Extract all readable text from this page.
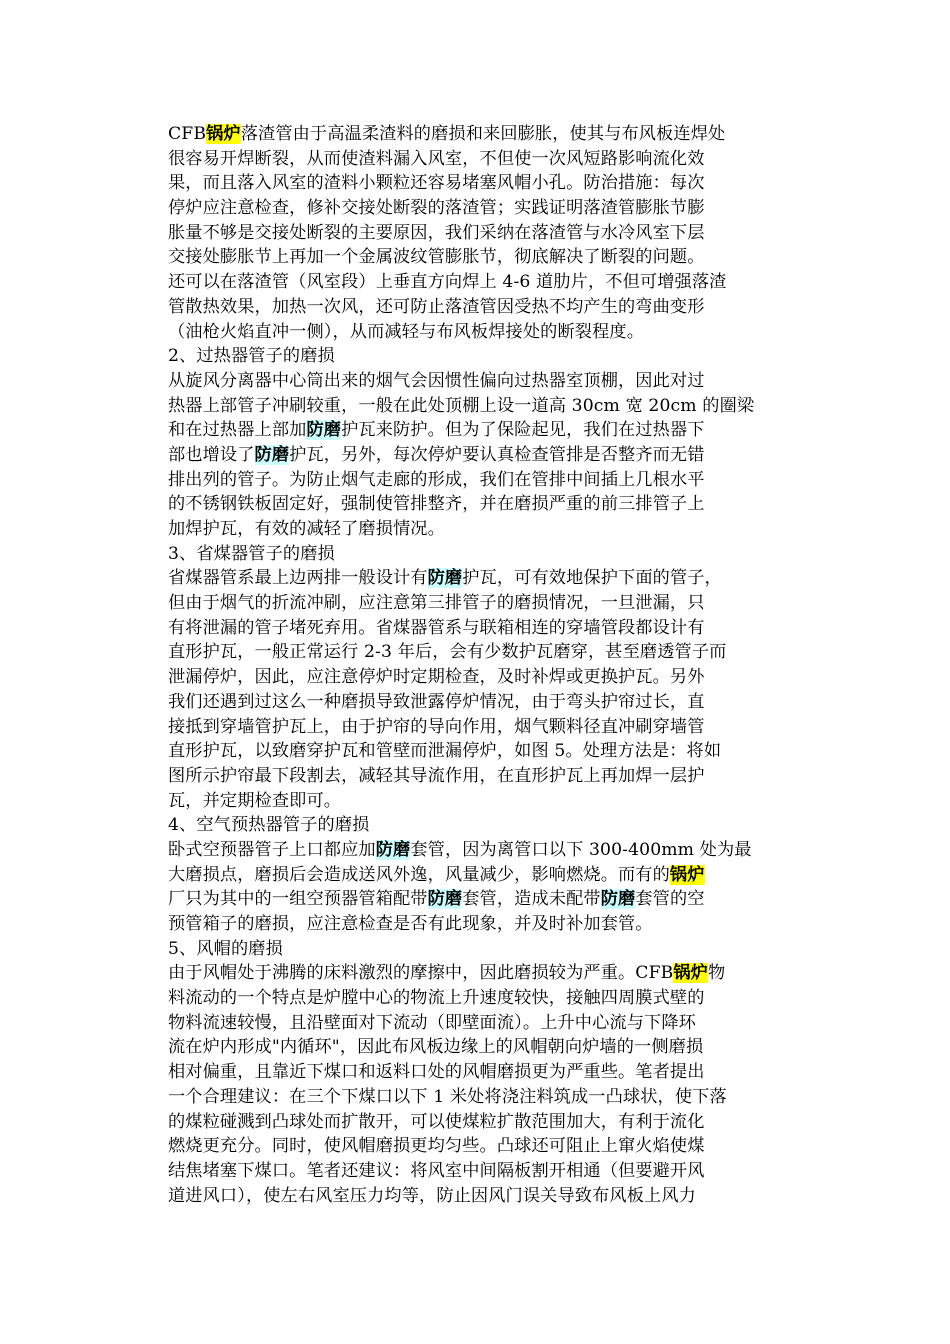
CFB锅炉落渣管由于高温柔渣料的磨损和来回膨胀，使其与布风板连焊处
很容易开焊断裂，从而使渣料漏入风室，不但使一次风短路影响流化效
果，而且落入风室的渣料小颗粒还容易堵塞风帽小孔。防治措施：每次
停炉应注意检查，修补交接处断裂的落渣管；实践证明落渣管膨胀节膨
胀量不够是交接处断裂的主要原因，我们采纳在落渣管与水冷风室下层
交接处膨胀节上再加一个金属波纹管膨胀节，彻底解决了断裂的问题。
还可以在落渣管（风室段）上垂直方向焊上 4-6 道肋片，不但可增强落渣
管散热效果，加热一次风，还可防止落渣管因受热不均产生的弯曲变形
（油枪火焰直冲一侧），从而减轻与布风板焊接处的断裂程度。
2、过热器管子的磨损
从旋风分离器中心筒出来的烟气会因惯性偏向过热器室顶棚，因此对过
热器上部管子冲刷较重，一般在此处顶棚上设一道高 30cm 宽 20cm 的圈梁
和在过热器上部加防磨护瓦来防护。但为了保险起见，我们在过热器下
部也增设了防磨护瓦，另外，每次停炉要认真检查管排是否整齐而无错
排出列的管子。为防止烟气走廊的形成，我们在管排中间插上几根水平
的不锈钢铁板固定好，强制使管排整齐，并在磨损严重的前三排管子上
加焊护瓦，有效的减轻了磨损情况。
3、省煤器管子的磨损
省煤器管系最上边两排一般设计有防磨护瓦，可有效地保护下面的管子，
但由于烟气的折流冲刷，应注意第三排管子的磨损情况，一旦泄漏，只
有将泄漏的管子堵死弃用。省煤器管系与联箱相连的穿墙管段都设计有
直形护瓦，一般正常运行 2-3 年后，会有少数护瓦磨穿，甚至磨透管子而
泄漏停炉，因此，应注意停炉时定期检查，及时补焊或更换护瓦。另外
我们还遇到过这么一种磨损导致泄露停炉情况，由于弯头护帘过长，直
接抵到穿墙管护瓦上，由于护帘的导向作用，烟气颗料径直冲刷穿墙管
直形护瓦，以致磨穿护瓦和管壁而泄漏停炉，如图 5。处理方法是：将如
图所示护帘最下段割去，减轻其导流作用，在直形护瓦上再加焊一层护
瓦，并定期检查即可。
4、空气预热器管子的磨损
卧式空预器管子上口都应加防磨套管，因为离管口以下 300-400mm 处为最
大磨损点，磨损后会造成送风外逸，风量减少，影响燃烧。而有的锅炉
厂只为其中的一组空预器管箱配带防磨套管，造成未配带防磨套管的空
预管箱子的磨损，应注意检查是否有此现象，并及时补加套管。
5、风帽的磨损
由于风帽处于沸腾的床料激烈的摩擦中，因此磨损较为严重。CFB锅炉物
料流动的一个特点是炉膛中心的物流上升速度较快，接触四周膜式壁的
物料流速较慢，且沿壁面对下流动（即壁面流）。上升中心流与下降环
流在炉内形成"内循环"，因此布风板边缘上的风帽朝向炉墙的一侧磨损
相对偏重，且靠近下煤口和返料口处的风帽磨损更为严重些。笔者提出
一个合理建议：在三个下煤口以下 1 米处将浇注料筑成一凸球状，使下落
的煤粒碰溅到凸球处而扩散开，可以使煤粒扩散范围加大，有利于流化
燃烧更充分。同时，使风帽磨损更均匀些。凸球还可阻止上窜火焰使煤
结焦堵塞下煤口。笔者还建议：将风室中间隔板割开相通（但要避开风
道进风口），使左右风室压力均等，防止因风门误关导致布风板上风力
